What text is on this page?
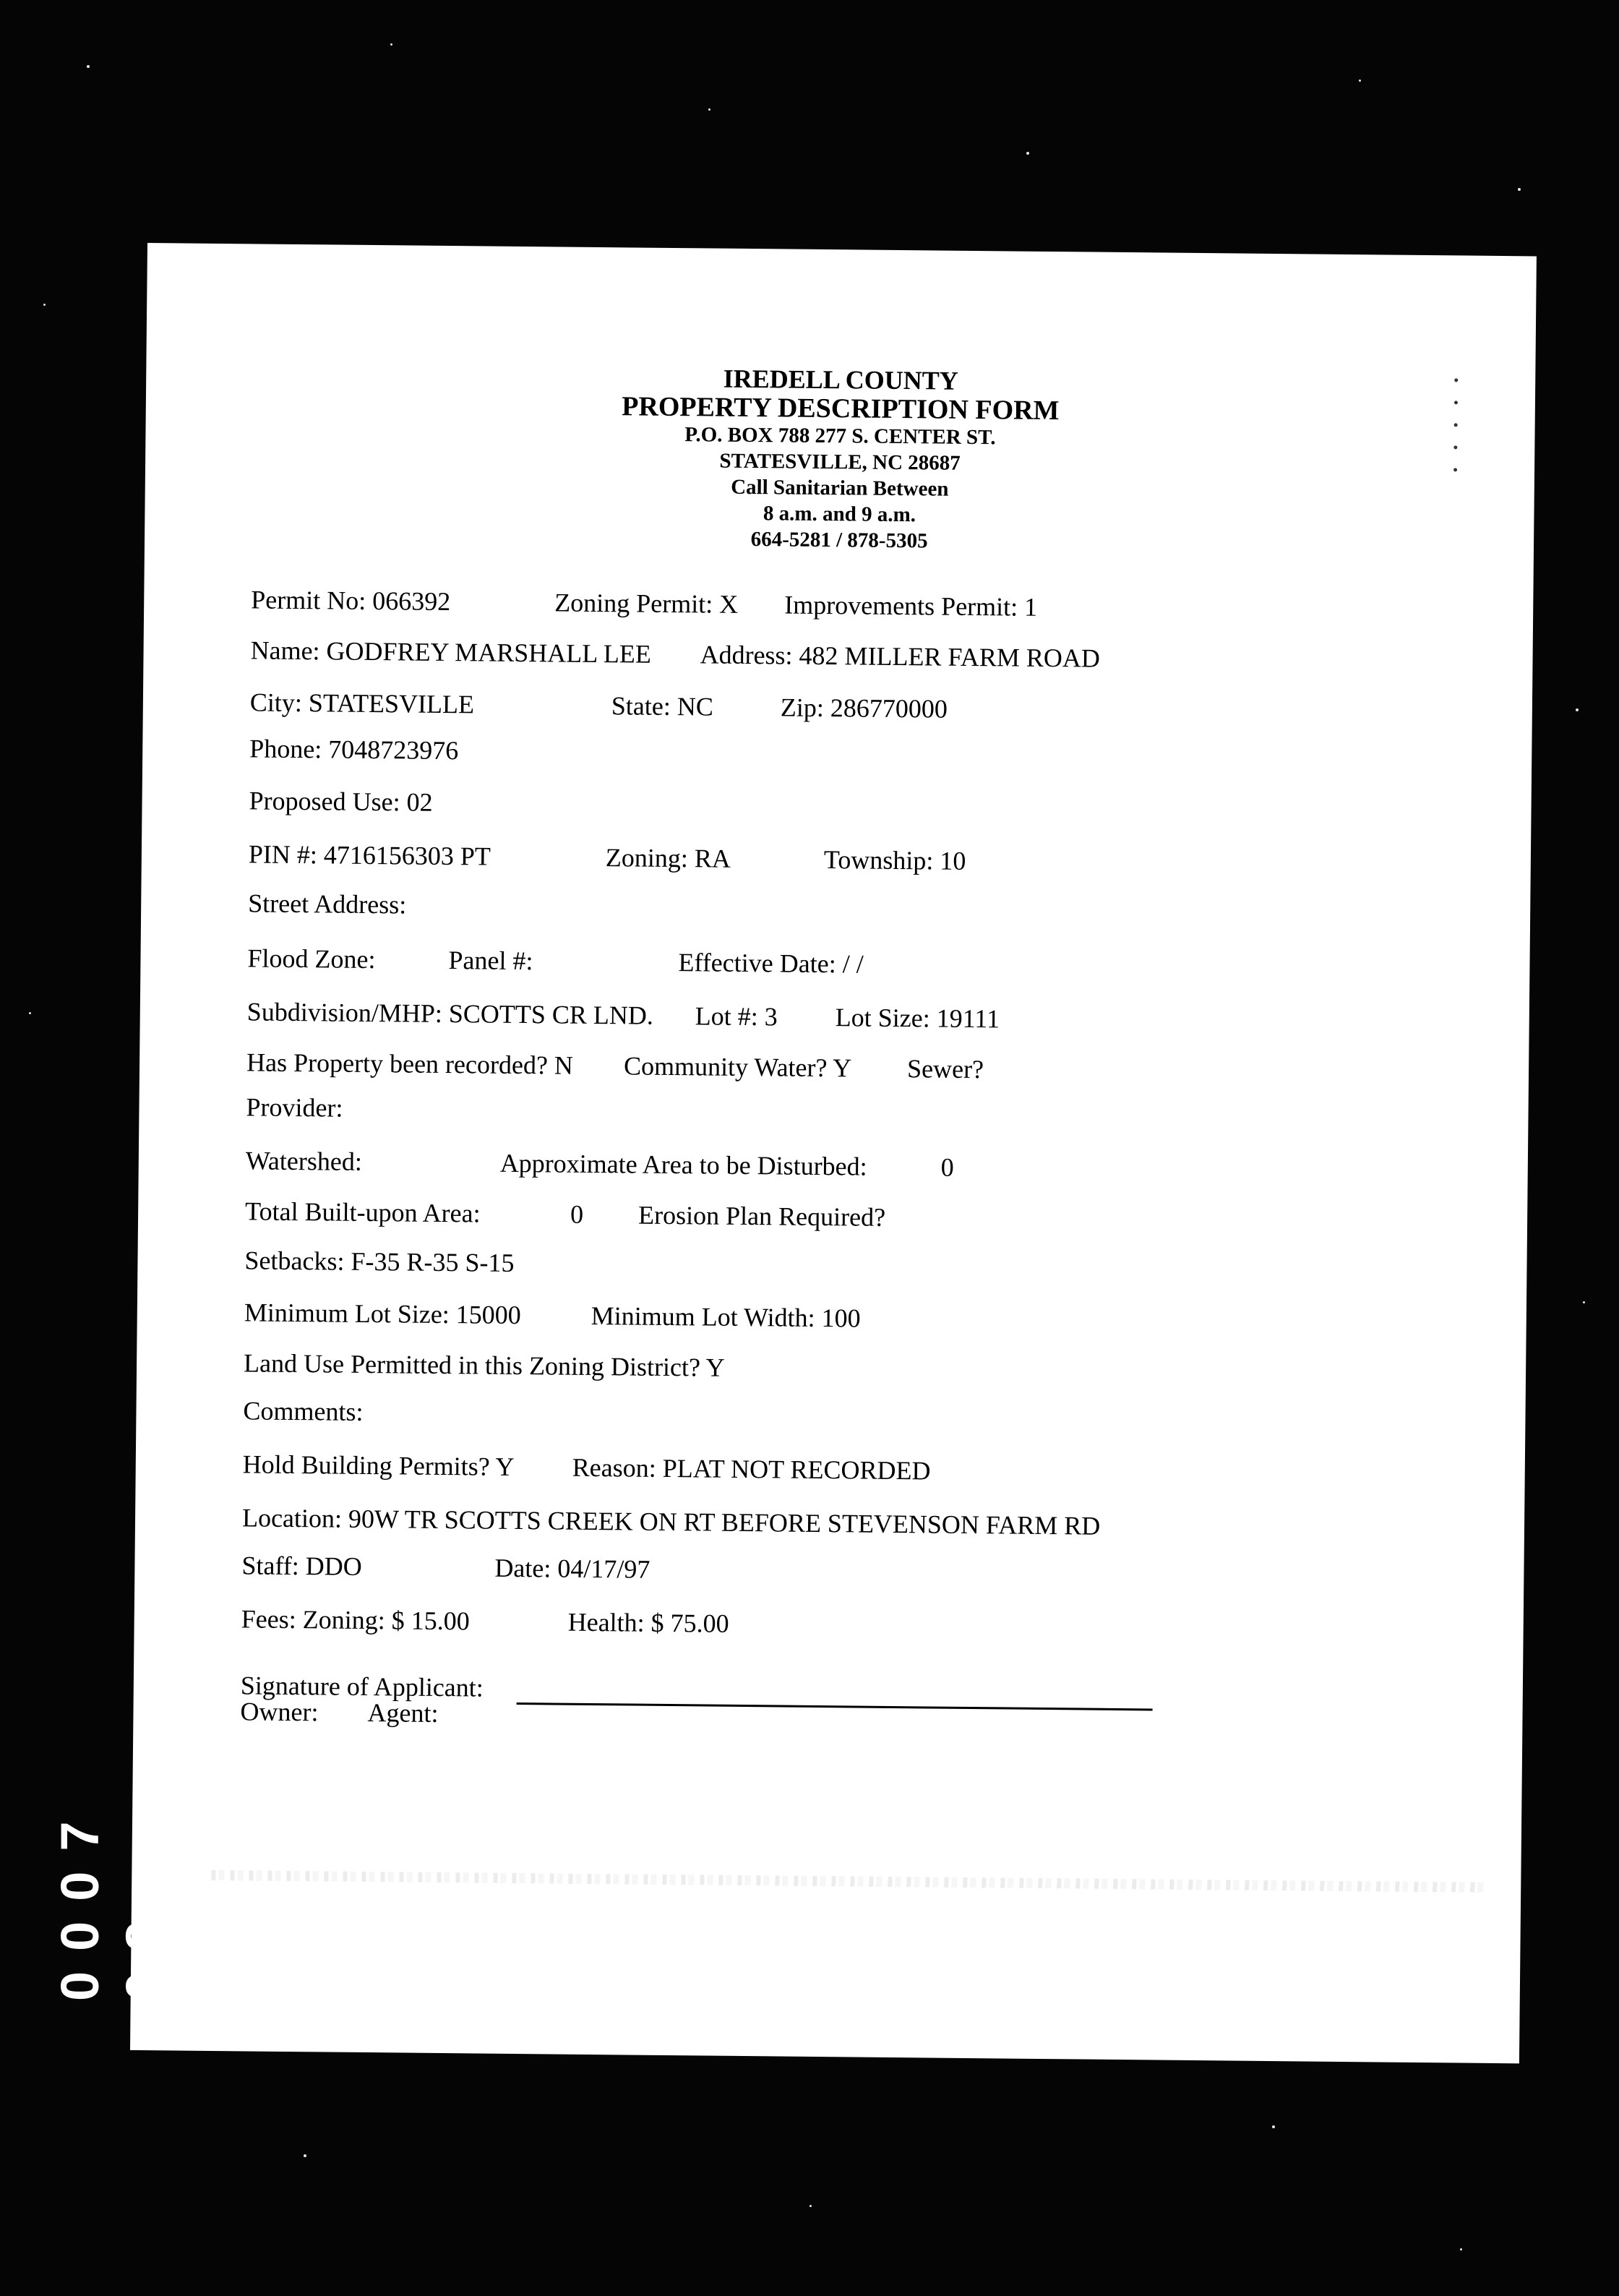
0007
IREDELL COUNTY
PROPERTY DESCRIPTION FORM
P.O. BOX 788 277 S. CENTER ST.
STATESVILLE, NC 28687
Call Sanitarian Between
8 a.m. and 9 a.m.
664-5281 / 878-5305
Permit No: 066392	Zoning Permit: X Improvements Permit: 1
Name: GODFREY MARSHALL LEE Address: 482 MILLER FARM ROAD
City: STATESVILLE	State: NC	Zip: 286770000
Phone: 7048723976
Proposed Use: 02
PIN #: 4716156303 PT	Zoning: RA	Township: 10
Street Address:
Flood Zone:	Panel #:	Effective Date: / /
Subdivision/MHP: SCOTTS CR LND. Lot #: 3 Lot Size: 19111
Has Property been recorded? N Community Water? Y Sewer?
Provider:
Watershed:	Approximate Area to be Disturbed:	0
Total Built-upon Area:	0 Erosion Plan Required?
Setbacks: F-35 R-35 S-15
Minimum Lot Size: 15000	Minimum Lot Width: 100
Land Use Permitted in this Zoning District? Y
Comments:
Hold Building Permits? Y Reason: PLAT NOT RECORDED
Location: 90W TR SCOTTS CREEK ON RT BEFORE STEVENSON FARM RD
Staff: DDO	Date: 04/17/97
Fees: Zoning: $ 15.00	Health: $ 75.00
Signature of Applicant:
Owner: Agent:
